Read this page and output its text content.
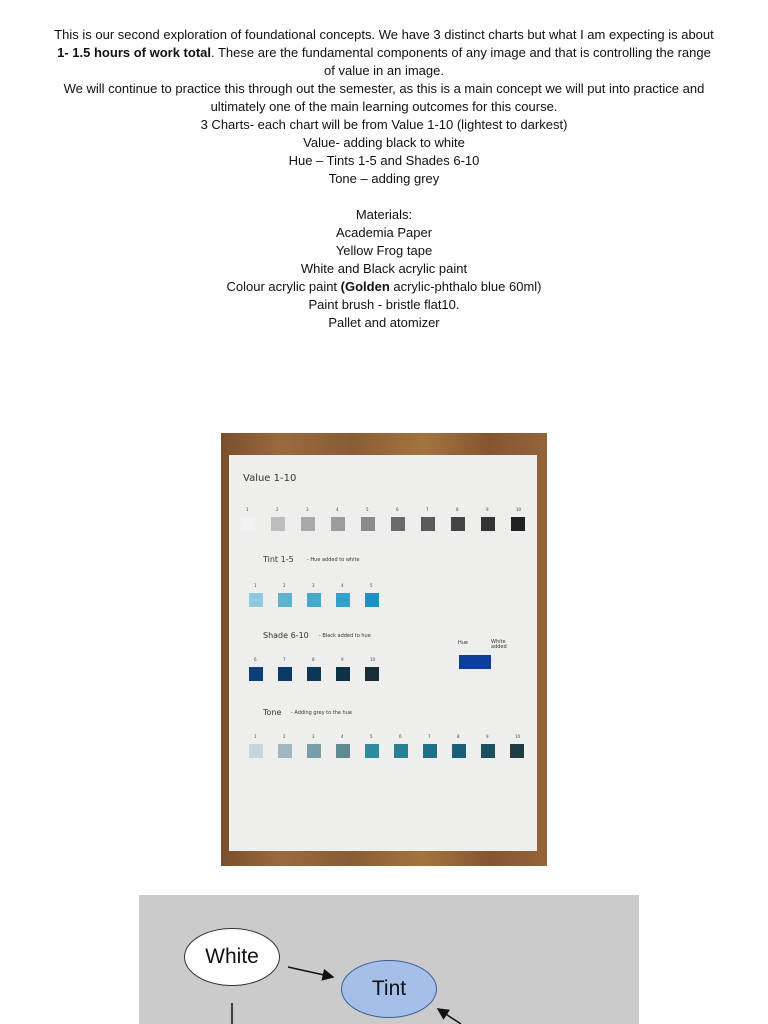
This is our second exploration of foundational concepts. We have 3 distinct charts but what I am expecting is about 1- 1.5 hours of work total. These are the fundamental components of any image and that is controlling the range of value in an image.

We will continue to practice this through out the semester, as this is a main concept we will put into practice and ultimately one of the main learning outcomes for this course.

3 Charts- each chart will be from Value 1-10 (lightest to darkest)

Value- adding black to white

Hue – Tints 1-5 and Shades 6-10

Tone – adding grey

Materials:

Academia Paper

Yellow Frog tape

White and Black acrylic paint

Colour acrylic paint (Golden acrylic-phthalo blue 60ml)

Paint brush - bristle flat10.

Pallet and atomizer

Value 1-10
Tint 1-5	- Hue added to white
Shade 6-10 - Black added to hue
Hue	White added
Tone - Adding grey to the hue
1	2	3	4	5	6	7	8	9	10
1	2	3	4	5
6	7	8	9	10
1	2	3	4	5	6	7	8	9	10
White
Tint
